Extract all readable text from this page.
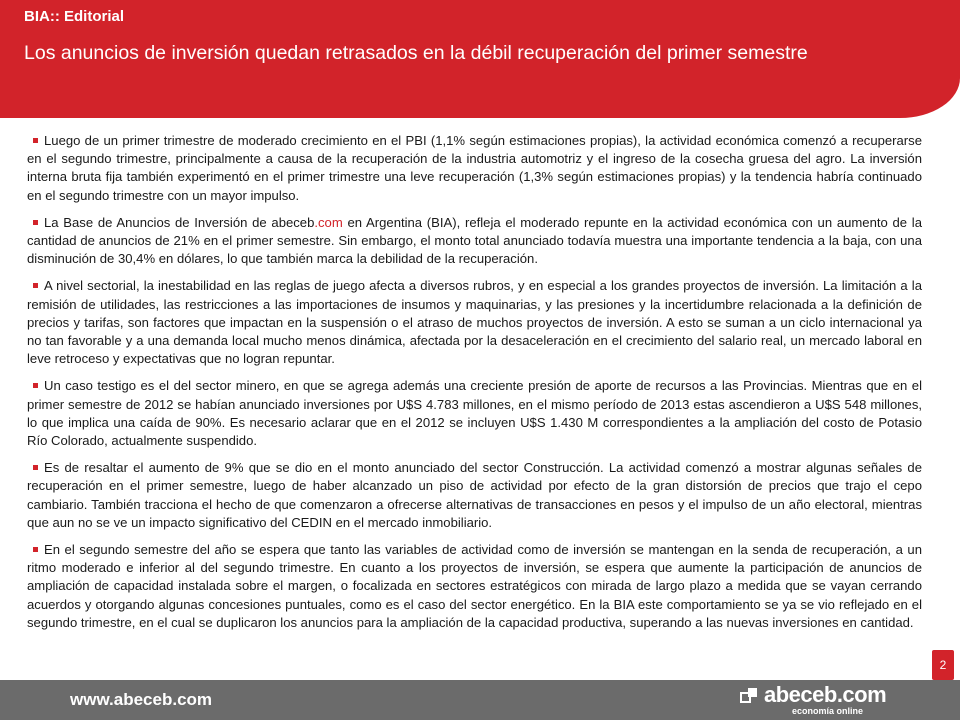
BIA:: Editorial
Los anuncios de inversión quedan retrasados en la débil recuperación del primer semestre

Luego de un primer trimestre de moderado crecimiento en el PBI (1,1% según estimaciones propias), la actividad económica comenzó a recuperarse en el segundo trimestre, principalmente a causa de la recuperación de la industria automotriz y el ingreso de la cosecha gruesa del agro. La inversión interna bruta fija también experimentó en el primer trimestre una leve recuperación (1,3% según estimaciones propias) y la tendencia habría continuado en el segundo trimestre con un mayor impulso.

La Base de Anuncios de Inversión de abeceb.com en Argentina (BIA), refleja el moderado repunte en la actividad económica con un aumento de la cantidad de anuncios de 21% en el primer semestre. Sin embargo, el monto total anunciado todavía muestra una importante tendencia a la baja, con una disminución de 30,4% en dólares, lo que también marca la debilidad de la recuperación.

A nivel sectorial, la inestabilidad en las reglas de juego afecta a diversos rubros, y en especial a los grandes proyectos de inversión. La limitación a la remisión de utilidades, las restricciones a las importaciones de insumos y maquinarias, y las presiones y la incertidumbre relacionada a la definición de precios y tarifas, son factores que impactan en la suspensión o el atraso de muchos proyectos de inversión. A esto se suman a un ciclo internacional ya no tan favorable y a una demanda local mucho menos dinámica, afectada por la desaceleración en el crecimiento del salario real, un mercado laboral en leve retroceso y expectativas que no logran repuntar.

Un caso testigo es el del sector minero, en que se agrega además una creciente presión de aporte de recursos a las Provincias. Mientras que en el primer semestre de 2012 se habían anunciado inversiones por U$S 4.783 millones, en el mismo período de 2013 estas ascendieron a U$S 548 millones, lo que implica una caída de 90%. Es necesario aclarar que en el 2012 se incluyen U$S 1.430 M correspondientes a la ampliación del costo de Potasio Río Colorado, actualmente suspendido.

Es de resaltar el aumento de 9% que se dio en el monto anunciado del sector Construcción. La actividad comenzó a mostrar algunas señales de recuperación en el primer semestre, luego de haber alcanzado un piso de actividad por efecto de la gran distorsión de precios que trajo el cepo cambiario. También tracciona el hecho de que comenzaron a ofrecerse alternativas de transacciones en pesos y el impulso de un año electoral, mientras que aun no se ve un impacto significativo del CEDIN en el mercado inmobiliario.

En el segundo semestre del año se espera que tanto las variables de actividad como de inversión se mantengan en la senda de recuperación, a un ritmo moderado e inferior al del segundo trimestre. En cuanto a los proyectos de inversión, se espera que aumente la participación de anuncios de ampliación de capacidad instalada sobre el margen, o focalizada en sectores estratégicos con mirada de largo plazo a medida que se vayan cerrando acuerdos y otorgando algunas concesiones puntuales, como es el caso del sector energético. En la BIA este comportamiento se ya se vio reflejado en el segundo trimestre, en el cual se duplicaron los anuncios para la ampliación de la capacidad productiva, superando a las nuevas inversiones en cantidad.

2
www.abeceb.com	abeceb.com
economía online
